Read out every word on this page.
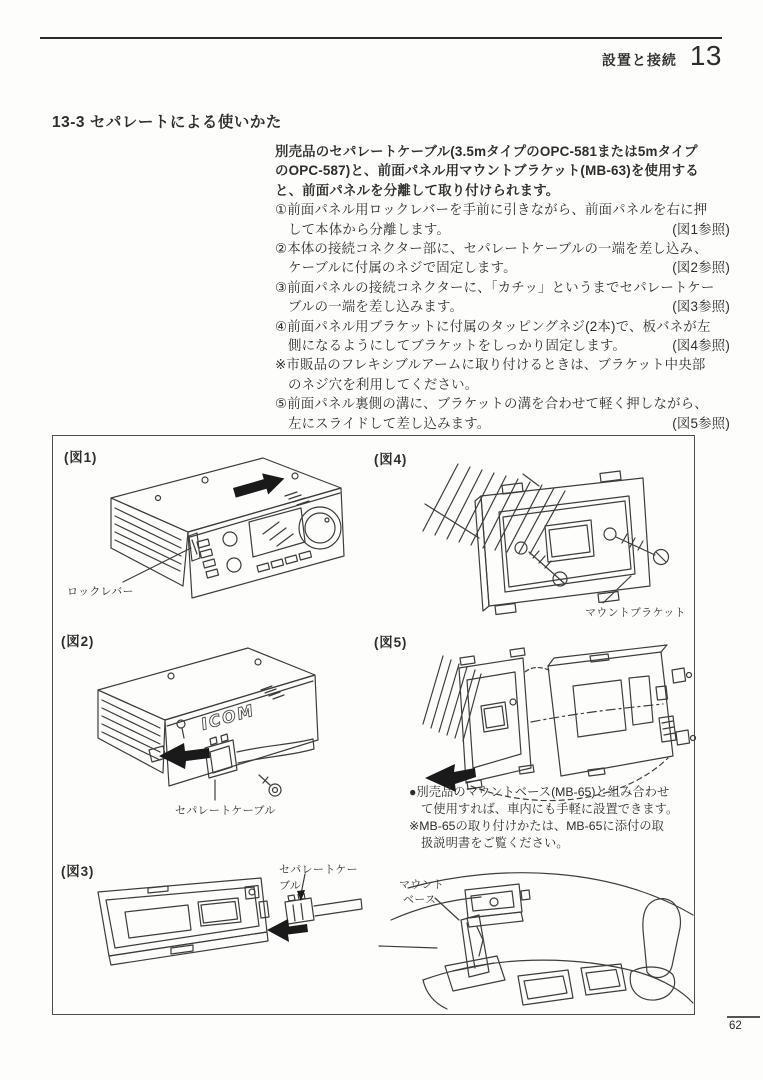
設置と接続 13
13-3 セパレートによる使いかた
別売品のセパレートケーブル(3.5mタイプのOPC-581または5mタイプ
のOPC-587)と、前面パネル用マウントブラケット(MB-63)を使用する
と、前面パネルを分離して取り付けられます。
①前面パネル用ロックレバーを手前に引きながら、前面パネルを右に押
して本体から分離します。	(図1参照)
②本体の接続コネクター部に、セパレートケーブルの一端を差し込み、
ケーブルに付属のネジで固定します。	(図2参照)
③前面パネルの接続コネクターに、「カチッ」というまでセパレートケー
ブルの一端を差し込みます。	(図3参照)
④前面パネル用ブラケットに付属のタッピングネジ(2本)で、板バネが左
側になるようにしてブラケットをしっかり固定します。	(図4参照)
※市販品のフレキシブルアームに取り付けるときは、ブラケット中央部
のネジ穴を利用してください。
⑤前面パネル裏側の溝に、ブラケットの溝を合わせて軽く押しながら、
左にスライドして差し込みます。	(図5参照)
(図1)
ロックレバー
(図4)
マウントブラケット
(図2)
ICOM
セパレートケーブル
(図5)
●別売品のマウントベース(MB-65)と組み合わせ
て使用すれば、車内にも手軽に設置できます。
※MB-65の取り付けかたは、MB-65に添付の取
扱説明書をご覧ください。
(図3)	セパレートケーブル	マウント
ベース
62
